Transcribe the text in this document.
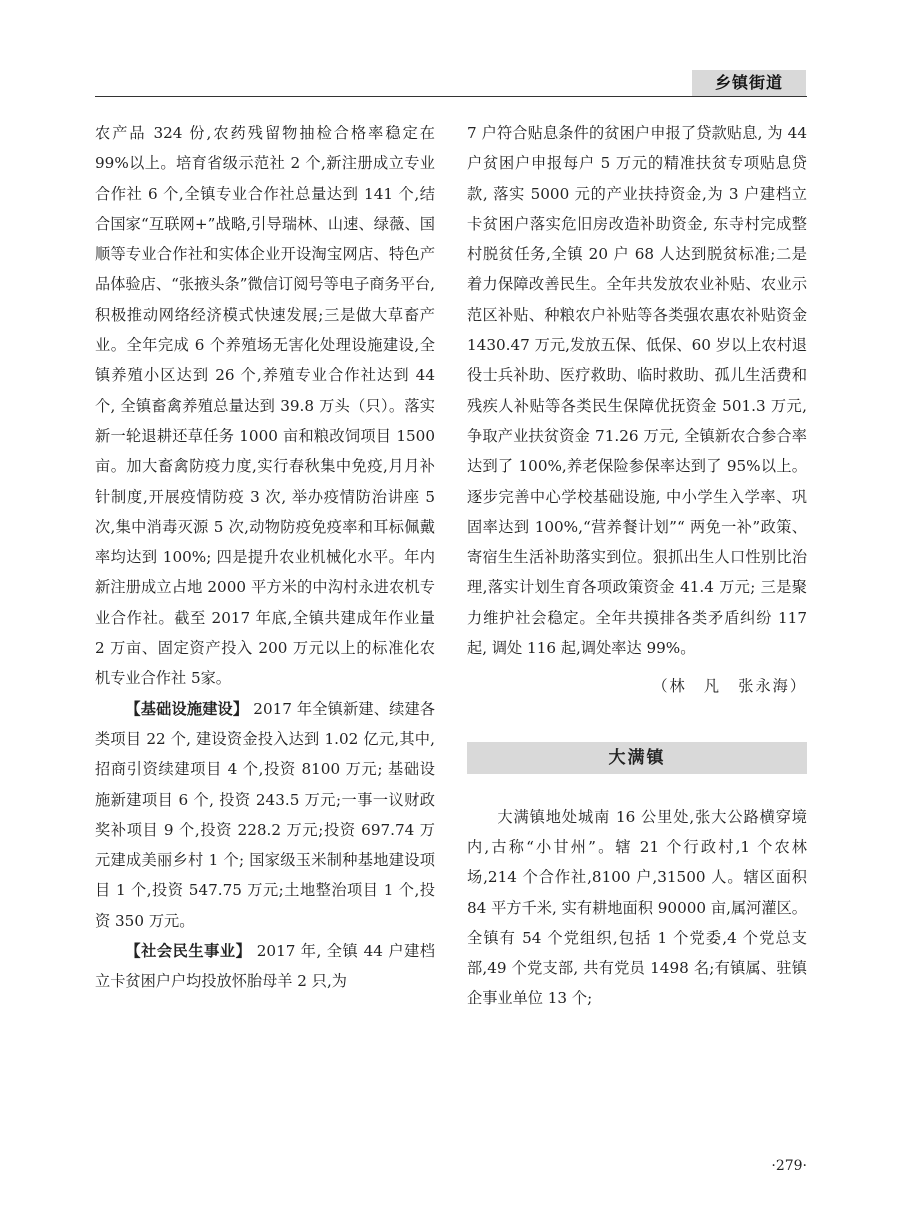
乡镇街道

农产品 324 份,农药残留物抽检合格率稳定在 99%以上。培育省级示范社 2 个,新注册成立专业合作社 6 个,全镇专业合作社总量达到 141 个,结合国家“互联网+”战略,引导瑞林、山速、绿薇、国顺等专业合作社和实体企业开设淘宝网店、特色产品体验店、“张掖头条”微信订阅号等电子商务平台,积极推动网络经济模式快速发展;三是做大草畜产业。全年完成 6 个养殖场无害化处理设施建设,全镇养殖小区达到 26 个,养殖专业合作社达到 44 个, 全镇畜禽养殖总量达到 39.8 万头（只）。落实新一轮退耕还草任务 1000 亩和粮改饲项目 1500 亩。加大畜禽防疫力度,实行春秋集中免疫,月月补针制度,开展疫情防疫 3 次, 举办疫情防治讲座 5 次,集中消毒灭源 5 次,动物防疫免疫率和耳标佩戴率均达到 100%; 四是提升农业机械化水平。年内新注册成立占地 2000 平方米的中沟村永进农机专业合作社。截至 2017 年底,全镇共建成年作业量 2 万亩、固定资产投入 200 万元以上的标准化农机专业合作社 5家。

【基础设施建设】 2017 年全镇新建、续建各类项目 22 个, 建设资金投入达到 1.02 亿元,其中,招商引资续建项目 4 个,投资 8100 万元; 基础设施新建项目 6 个, 投资 243.5 万元;一事一议财政奖补项目 9 个,投资 228.2 万元;投资 697.74 万元建成美丽乡村 1 个; 国家级玉米制种基地建设项目 1 个,投资 547.75 万元;土地整治项目 1 个,投资 350 万元。

【社会民生事业】 2017 年, 全镇 44 户建档立卡贫困户户均投放怀胎母羊 2 只,为

7 户符合贴息条件的贫困户申报了贷款贴息, 为 44 户贫困户申报每户 5 万元的精准扶贫专项贴息贷款, 落实 5000 元的产业扶持资金,为 3 户建档立卡贫困户落实危旧房改造补助资金, 东寺村完成整村脱贫任务,全镇 20 户 68 人达到脱贫标准;二是着力保障改善民生。全年共发放农业补贴、农业示范区补贴、种粮农户补贴等各类强农惠农补贴资金 1430.47 万元,发放五保、低保、60 岁以上农村退役士兵补助、医疗救助、临时救助、孤儿生活费和残疾人补贴等各类民生保障优抚资金 501.3 万元, 争取产业扶贫资金 71.26 万元, 全镇新农合参合率达到了 100%,养老保险参保率达到了 95%以上。逐步完善中心学校基础设施, 中小学生入学率、巩固率达到 100%,“营养餐计划”“ 两免一补”政策、寄宿生生活补助落实到位。狠抓出生人口性别比治理,落实计划生育各项政策资金 41.4 万元; 三是聚力维护社会稳定。全年共摸排各类矛盾纠纷 117 起, 调处 116 起,调处率达 99%。

（林　凡　张永海）

大满镇

大满镇地处城南 16 公里处,张大公路横穿境内,古称“小甘州”。辖 21 个行政村,1 个农林场,214 个合作社,8100 户,31500 人。辖区面积 84 平方千米, 实有耕地面积 90000 亩,属河灌区。全镇有 54 个党组织,包括 1 个党委,4 个党总支部,49 个党支部, 共有党员 1498 名;有镇属、驻镇企事业单位 13 个;

·279·
